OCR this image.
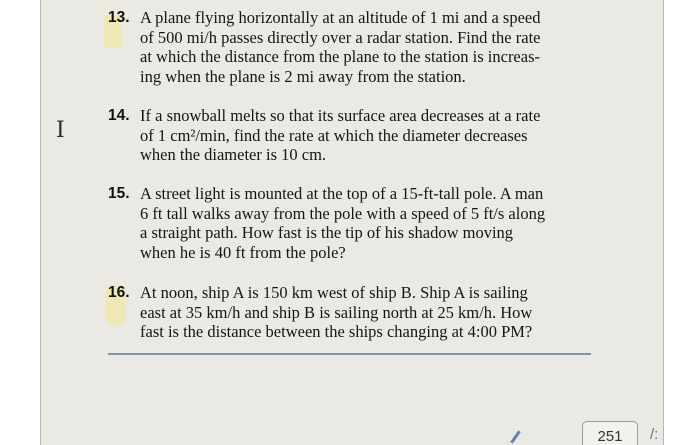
I
13. A plane flying horizontally at an altitude of 1 mi and a speed
of 500 mi/h passes directly over a radar station. Find the rate
at which the distance from the plane to the station is increas-
ing when the plane is 2 mi away from the station.
14. If a snowball melts so that its surface area decreases at a rate
of 1 cm²/min, find the rate at which the diameter decreases
when the diameter is 10 cm.
15. A street light is mounted at the top of a 15-ft-tall pole. A man
6 ft tall walks away from the pole with a speed of 5 ft/s along
a straight path. How fast is the tip of his shadow moving
when he is 40 ft from the pole?
16. At noon, ship A is 150 km west of ship B. Ship A is sailing
east at 35 km/h and ship B is sailing north at 25 km/h. How
fast is the distance between the ships changing at 4:00 PM?
251	/:
